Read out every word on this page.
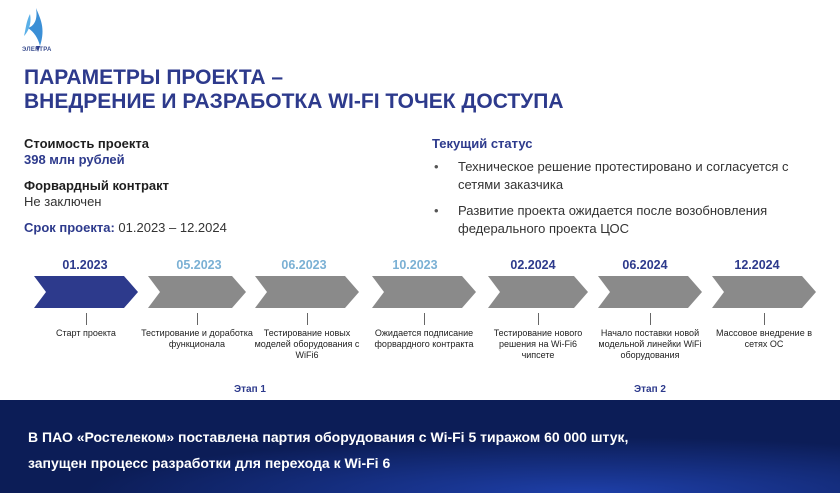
ЭЛЕКТРА
ПАРАМЕТРЫ ПРОЕКТА –
ВНЕДРЕНИЕ И РАЗРАБОТКА WI-FI ТОЧЕК ДОСТУПА
Стоимость проекта
398 млн рублей
Форвардный контракт
Не заключен
Срок проекта: 01.2023 – 12.2024
Текущий статус
• Техническое решение протестировано и согласуется с сетями заказчика
• Развитие проекта ожидается после возобновления федерального проекта ЦОС
01.2023	05.2023	06.2023	10.2023	02.2024	06.2024	12.2024
Старт проекта	Тестирование и доработка функционала
Тестирование новых моделей оборудования с WiFi6
Ожидается подписание форвардного контракта
Тестирование нового решения на Wi-Fi6 чипсете
Начало поставки новой модельной линейки WiFi оборудования
Массовое внедрение в сетях ОС
Этап 1	Этап 2
В ПАО «Ростелеком» поставлена партия оборудования с Wi-Fi 5 тиражом 60 000 штук,
запущен процесс разработки для перехода к Wi-Fi 6
